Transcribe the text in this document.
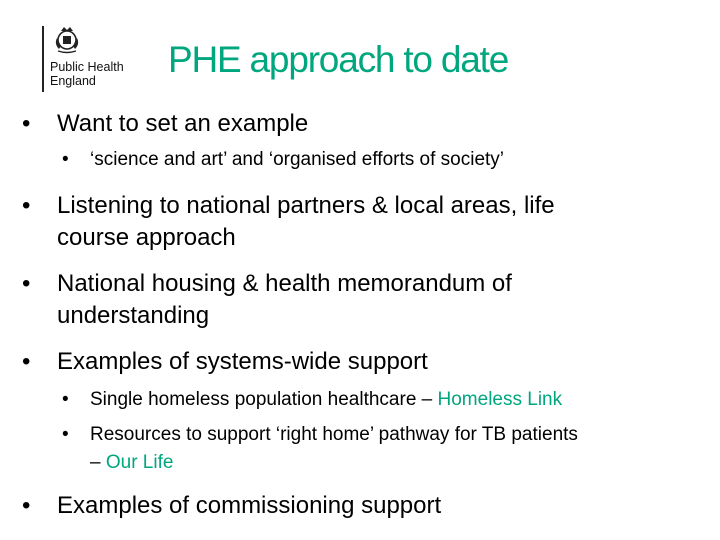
Public Health
England
PHE approach to date
• Want to set an example
• ‘science and art’ and ‘organised efforts of society’
• Listening to national partners & local areas, life
course approach
• National housing & health memorandum of
understanding
• Examples of systems-wide support
• Single homeless population healthcare – Homeless Link
• Resources to support ‘right home’ pathway for TB patients
– Our Life
• Examples of commissioning support
